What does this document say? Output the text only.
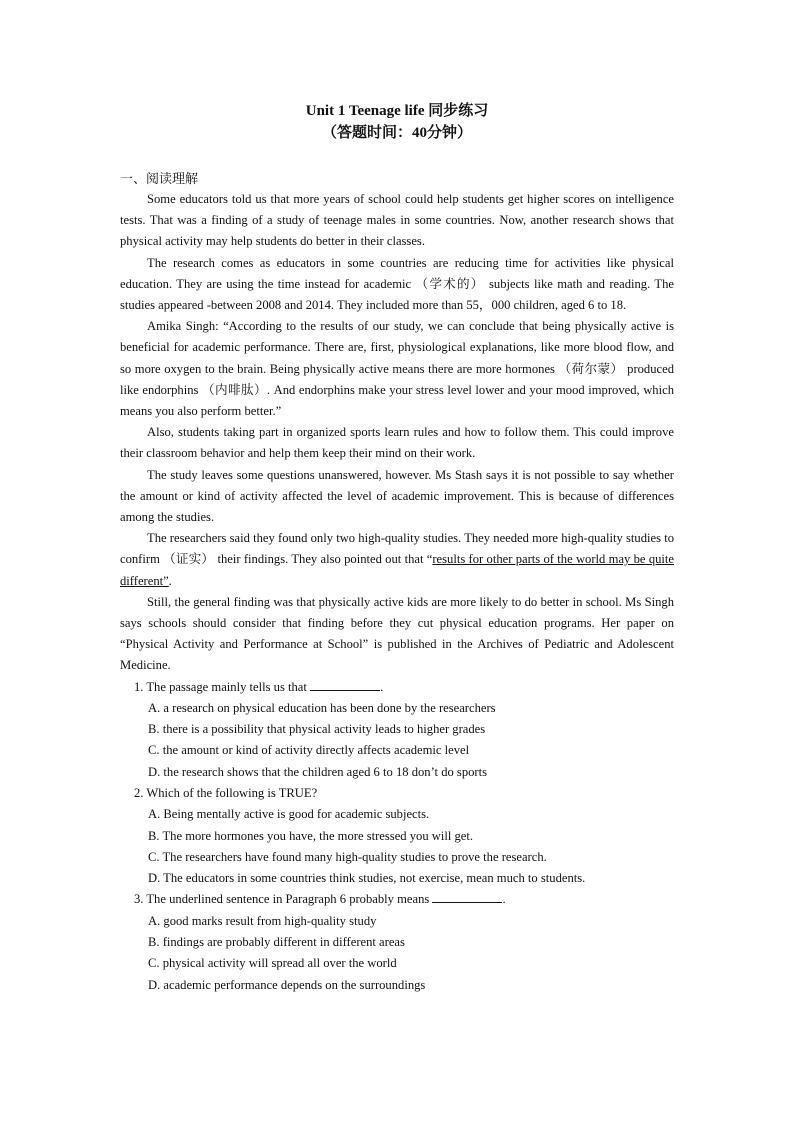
Unit 1 Teenage life 同步练习

（答题时间：40分钟）

一、阅读理解

Some educators told us that more years of school could help students get higher scores on intelligence tests. That was a finding of a study of teenage males in some countries. Now, another research shows that physical activity may help students do better in their classes.

The research comes as educators in some countries are reducing time for activities like physical education. They are using the time instead for academic （学术的） subjects like math and reading. The studies appeared -between 2008 and 2014. They included more than 55，000 children, aged 6 to 18.

Amika Singh: “According to the results of our study, we can conclude that being physically active is beneficial for academic performance. There are, first, physiological explanations, like more blood flow, and so more oxygen to the brain. Being physically active means there are more hormones （荷尔蒙） produced like endorphins （内啡肽）. And endorphins make your stress level lower and your mood improved, which means you also perform better.”

Also, students taking part in organized sports learn rules and how to follow them. This could improve their classroom behavior and help them keep their mind on their work.

The study leaves some questions unanswered, however. Ms Stash says it is not possible to say whether the amount or kind of activity affected the level of academic improvement. This is because of differences among the studies.

The researchers said they found only two high-quality studies. They needed more high-quality studies to confirm （证实） their findings. They also pointed out that “results for other parts of the world may be quite different”.

Still, the general finding was that physically active kids are more likely to do better in school. Ms Singh says schools should consider that finding before they cut physical education programs. Her paper on “Physical Activity and Performance at School” is published in the Archives of Pediatric and Adolescent Medicine.

1. The passage mainly tells us that	.

A. a research on physical education has been done by the researchers

B. there is a possibility that physical activity leads to higher grades

C. the amount or kind of activity directly affects academic level

D. the research shows that the children aged 6 to 18 don’t do sports

2. Which of the following is TRUE?

A. Being mentally active is good for academic subjects.

B. The more hormones you have, the more stressed you will get.

C. The researchers have found many high-quality studies to prove the research.

D. The educators in some countries think studies, not exercise, mean much to students.

3. The underlined sentence in Paragraph 6 probably means	.

A. good marks result from high-quality study

B. findings are probably different in different areas

C. physical activity will spread all over the world

D. academic performance depends on the surroundings
